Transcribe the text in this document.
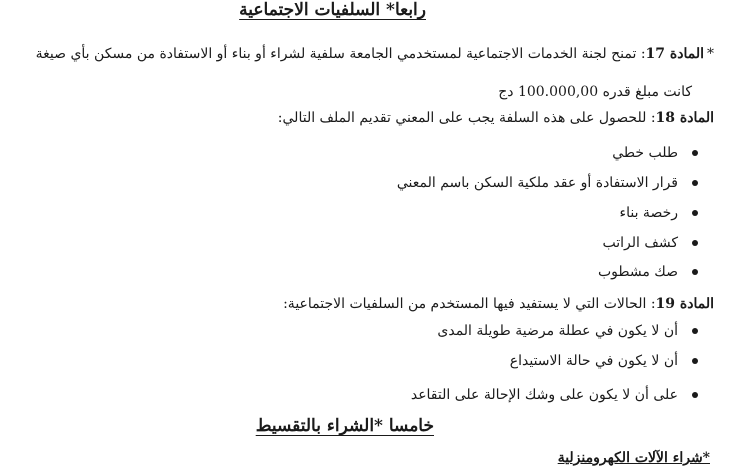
رابعا* السلفيات الاجتماعية
*المادة 17: تمنح لجنة الخدمات الاجتماعية لمستخدمي الجامعة سلفية لشراء أو بناء أو الاستفادة من مسكن بأي صيغة
كانت مبلغ قدره 100.000,00 دج
المادة 18: للحصول على هذه السلفة يجب على المعني تقديم الملف التالي:
طلب خطي
قرار الاستفادة أو عقد ملكية السكن باسم المعني
رخصة بناء
كشف الراتب
صك مشطوب
المادة 19: الحالات التي لا يستفيد فيها المستخدم من السلفيات الاجتماعية:
أن لا يكون في عطلة مرضية طويلة المدى
أن لا يكون في حالة الاستيداع
على أن لا يكون على وشك الإحالة على التقاعد
خامسا *الشراء بالتقسيط
*شراء الآلات الكهرومنزلية
